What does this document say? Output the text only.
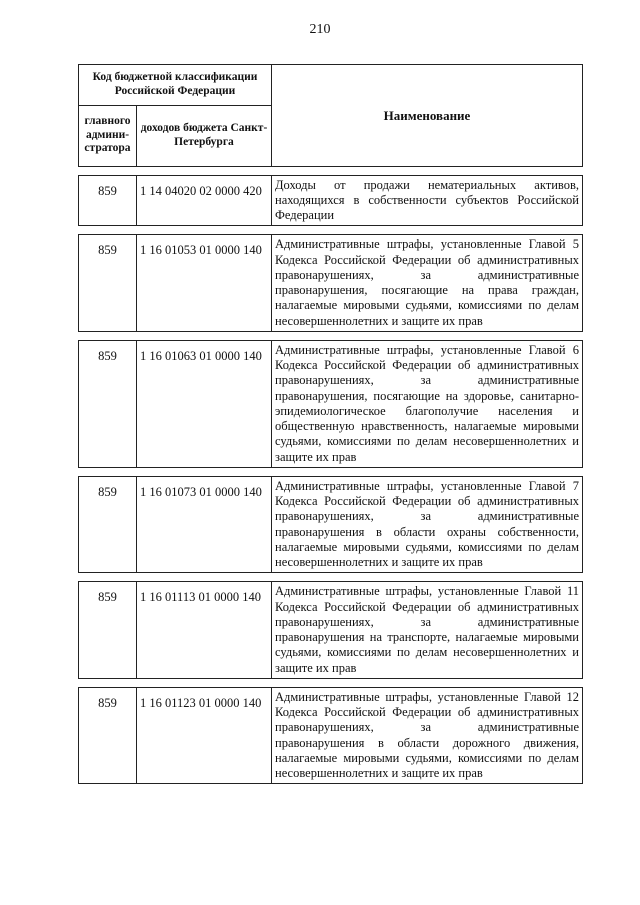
210
Код бюджетной классификации Российской Федерации		Наименование
главного админи-стратора	доходов бюджета Санкт-Петербурга	

859	1 14 04020 02 0000 420	Доходы от продажи нематериальных активов, находящихся в собственности субъектов Российской Федерации

859	1 16 01053 01 0000 140	Административные штрафы, установленные Главой 5 Кодекса Российской Федерации об административных правонарушениях, за административные правонарушения, посягающие на права граждан, налагаемые мировыми судьями, комиссиями по делам несовершеннолетних и защите их прав

859	1 16 01063 01 0000 140	Административные штрафы, установленные Главой 6 Кодекса Российской Федерации об административных правонарушениях, за административные правонарушения, посягающие на здоровье, санитарно-эпидемиологическое благополучие населения и общественную нравственность, налагаемые мировыми судьями, комиссиями по делам несовершеннолетних и защите их прав

859	1 16 01073 01 0000 140	Административные штрафы, установленные Главой 7 Кодекса Российской Федерации об административных правонарушениях, за административные правонарушения в области охраны собственности, налагаемые мировыми судьями, комиссиями по делам несовершеннолетних и защите их прав

859	1 16 01113 01 0000 140	Административные штрафы, установленные Главой 11 Кодекса Российской Федерации об административных правонарушениях, за административные правонарушения на транспорте, налагаемые мировыми судьями, комиссиями по делам несовершеннолетних и защите их прав

859	1 16 01123 01 0000 140	Административные штрафы, установленные Главой 12 Кодекса Российской Федерации об административных правонарушениях, за административные правонарушения в области дорожного движения, налагаемые мировыми судьями, комиссиями по делам несовершеннолетних и защите их прав
